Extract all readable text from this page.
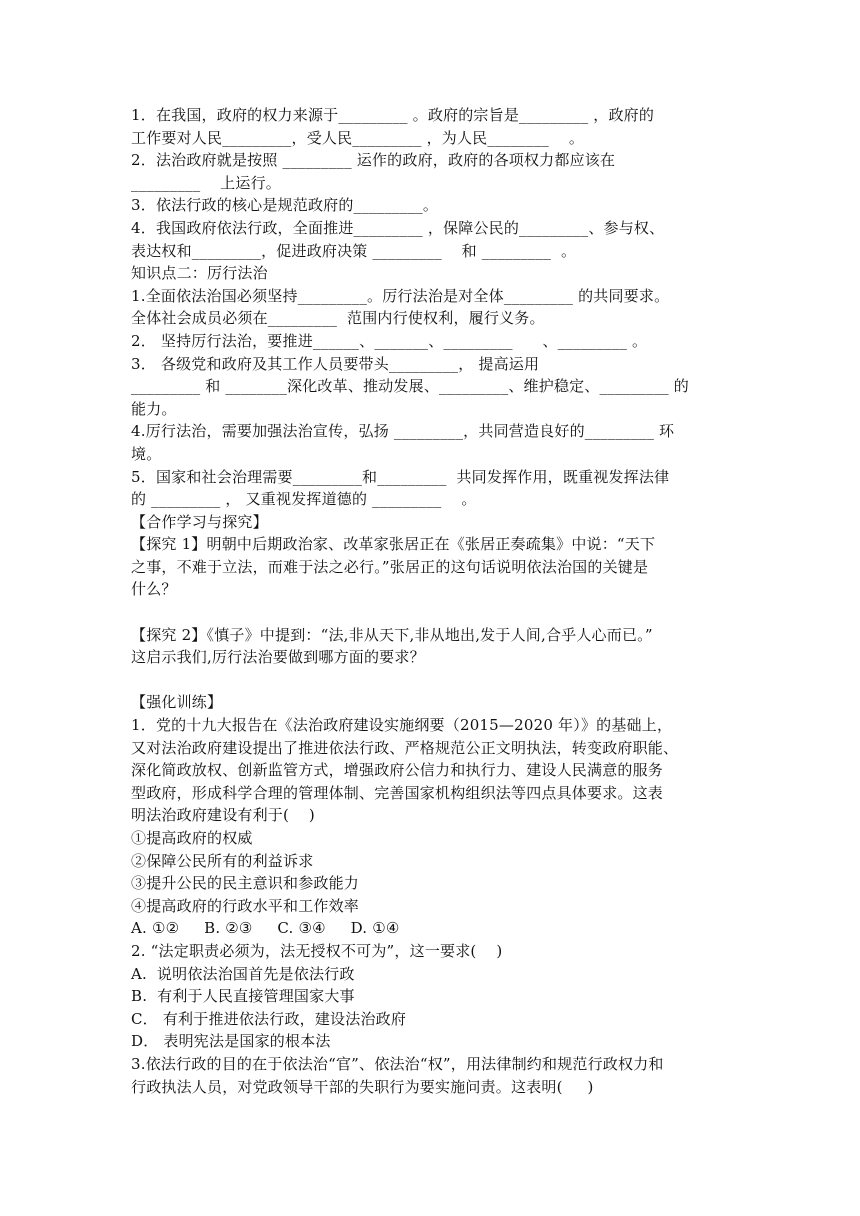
1．在我国，政府的权力来源于_________ 。政府的宗旨是_________ ，政府的
工作要对人民_________，受人民_________ ，为人民________    。
2．法治政府就是按照 _________ 运作的政府，政府的各项权力都应该在
_________    上运行。
3．依法行政的核心是规范政府的_________。
4．我国政府依法行政，全面推进_________ ，保障公民的_________、参与权、
表达权和_________，促进政府决策 _________    和 _________  。
知识点二：厉行法治
1.全面依法治国必须坚持_________。厉行法治是对全体_________ 的共同要求。
全体社会成员必须在_________  范围内行使权利，履行义务。
2． 坚持厉行法治，要推进______、_______、_________      、_________ 。
3． 各级党和政府及其工作人员要带头_________， 提高运用
_________ 和 ________深化改革、推动发展、_________、维护稳定、_________ 的
能力。
4.厉行法治，需要加强法治宣传，弘扬 _________，共同营造良好的_________ 环
境。
5．国家和社会治理需要_________和_________  共同发挥作用，既重视发挥法律
的 _________ ， 又重视发挥道德的 _________    。
【合作学习与探究】
【探究 1】明朝中后期政治家、改革家张居正在《张居正奏疏集》中说：“天下
之事，不难于立法，而难于法之必行。”张居正的这句话说明依法治国的关键是
什么？
【探究 2】《慎子》中提到：“法,非从天下,非从地出,发于人间,合乎人心而已。”
这启示我们,厉行法治要做到哪方面的要求？
【强化训练】
1．党的十九大报告在《法治政府建设实施纲要（2015—2020 年）》的基础上，
又对法治政府建设提出了推进依法行政、严格规范公正文明执法，转变政府职能、
深化简政放权、创新监管方式，增强政府公信力和执行力、建设人民满意的服务
型政府，形成科学合理的管理体制、完善国家机构组织法等四点具体要求。这表
明法治政府建设有利于(    )
①提高政府的权威
②保障公民所有的利益诉求
③提升公民的民主意识和参政能力
④提高政府的行政水平和工作效率
A. ①②     B. ②③     C. ③④     D. ①④
2. “法定职责必须为，法无授权不可为”，这一要求(    )
A.  说明依法治国首先是依法行政
B.  有利于人民直接管理国家大事
C． 有利于推进依法行政，建设法治政府
D． 表明宪法是国家的根本法
3.依法行政的目的在于依法治“官”、依法治“权”，用法律制约和规范行政权力和
行政执法人员，对党政领导干部的失职行为要实施问责。这表明(     )
